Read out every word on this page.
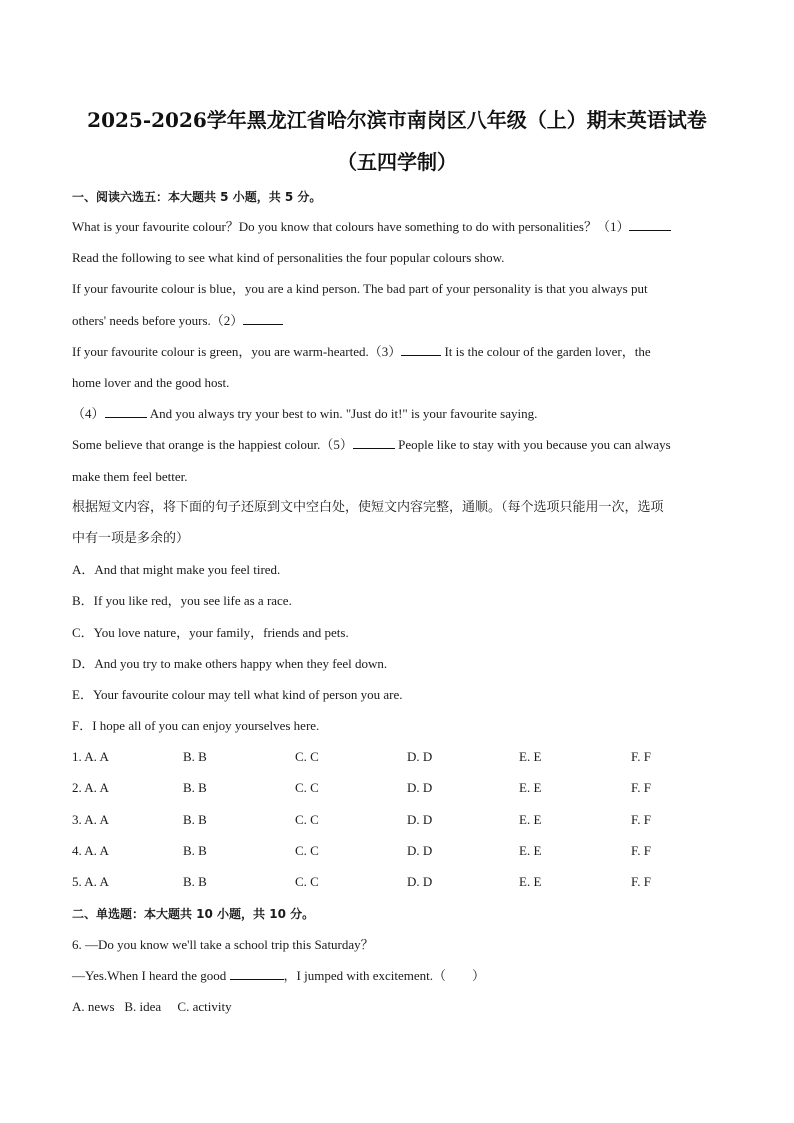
2025-2026学年黑龙江省哈尔滨市南岗区八年级（上）期末英语试卷
（五四学制）
一、阅读六选五：本大题共 5 小题，共 5 分。
What is your favourite colour？Do you know that colours have something to do with personalities？（1）
Read the following to see what kind of personalities the four popular colours show.
If your favourite colour is blue，you are a kind person. The bad part of your personality is that you always put
others' needs before yours.（2）
If your favourite colour is green，you are warm-hearted.（3）	It is the colour of the garden lover，the
home lover and the good host.
（4）	And you always try your best to win. "Just do it!" is your favourite saying.
Some believe that orange is the happiest colour.（5）	People like to stay with you because you can always
make them feel better.
根据短文内容，将下面的句子还原到文中空白处，使短文内容完整，通顺。（每个选项只能用一次，选项
中有一项是多余的）
A．And that might make you feel tired.
B．If you like red，you see life as a race.
C．You love nature，your family，friends and pets.
D．And you try to make others happy when they feel down.
E．Your favourite colour may tell what kind of person you are.
F．I hope all of you can enjoy yourselves here.
1. A. A	B. B	C. C	D. D	E. E	F. F
2. A. A	B. B	C. C	D. D	E. E	F. F
3. A. A	B. B	C. C	D. D	E. E	F. F
4. A. A	B. B	C. C	D. D	E. E	F. F
5. A. A	B. B	C. C	D. D	E. E	F. F
二、单选题：本大题共 10 小题，共 10 分。
6. —Do you know we'll take a school trip this Saturday？
—Yes.When I heard the good	，I jumped with excitement.（ ）
A. news   B. idea     C. activity
